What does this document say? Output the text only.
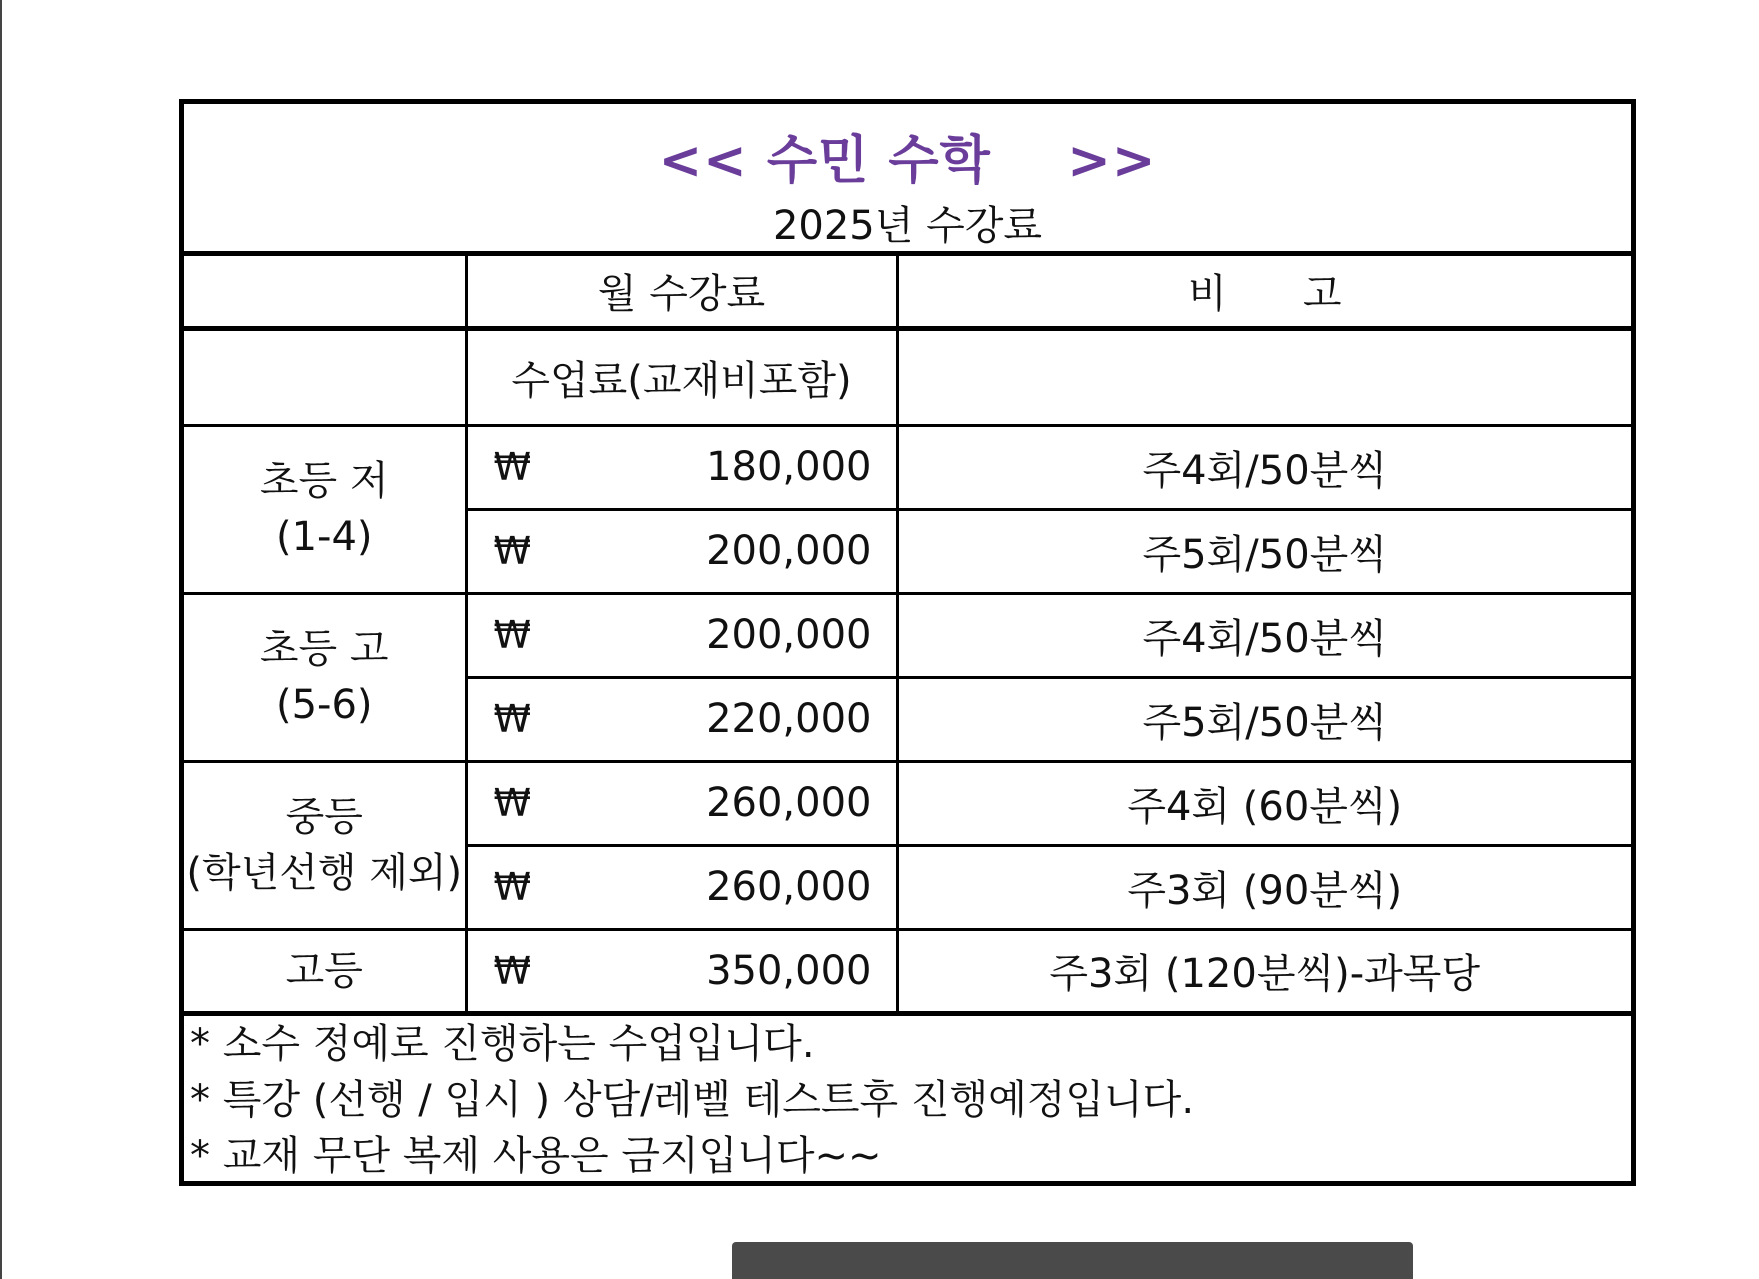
<< 수민 수학    >>
2025년 수강료
	월 수강료	비      고
	수업료(교재비포함)	

초등 저
(1-4)	₩ 180,000	주4회/50분씩

	₩ 200,000	주5회/50분씩

초등 고
(5-6)	₩ 200,000	주4회/50분씩

	₩ 220,000	주5회/50분씩

중등
(학년선행 제외)	₩ 260,000	주4회 (60분씩)

	₩ 260,000	주3회 (90분씩)

고등	₩ 350,000	주3회 (120분씩)-과목당
* 소수 정예로 진행하는 수업입니다.
* 특강 (선행 / 입시 ) 상담/레벨 테스트후 진행예정입니다.
* 교재 무단 복제 사용은 금지입니다~~
